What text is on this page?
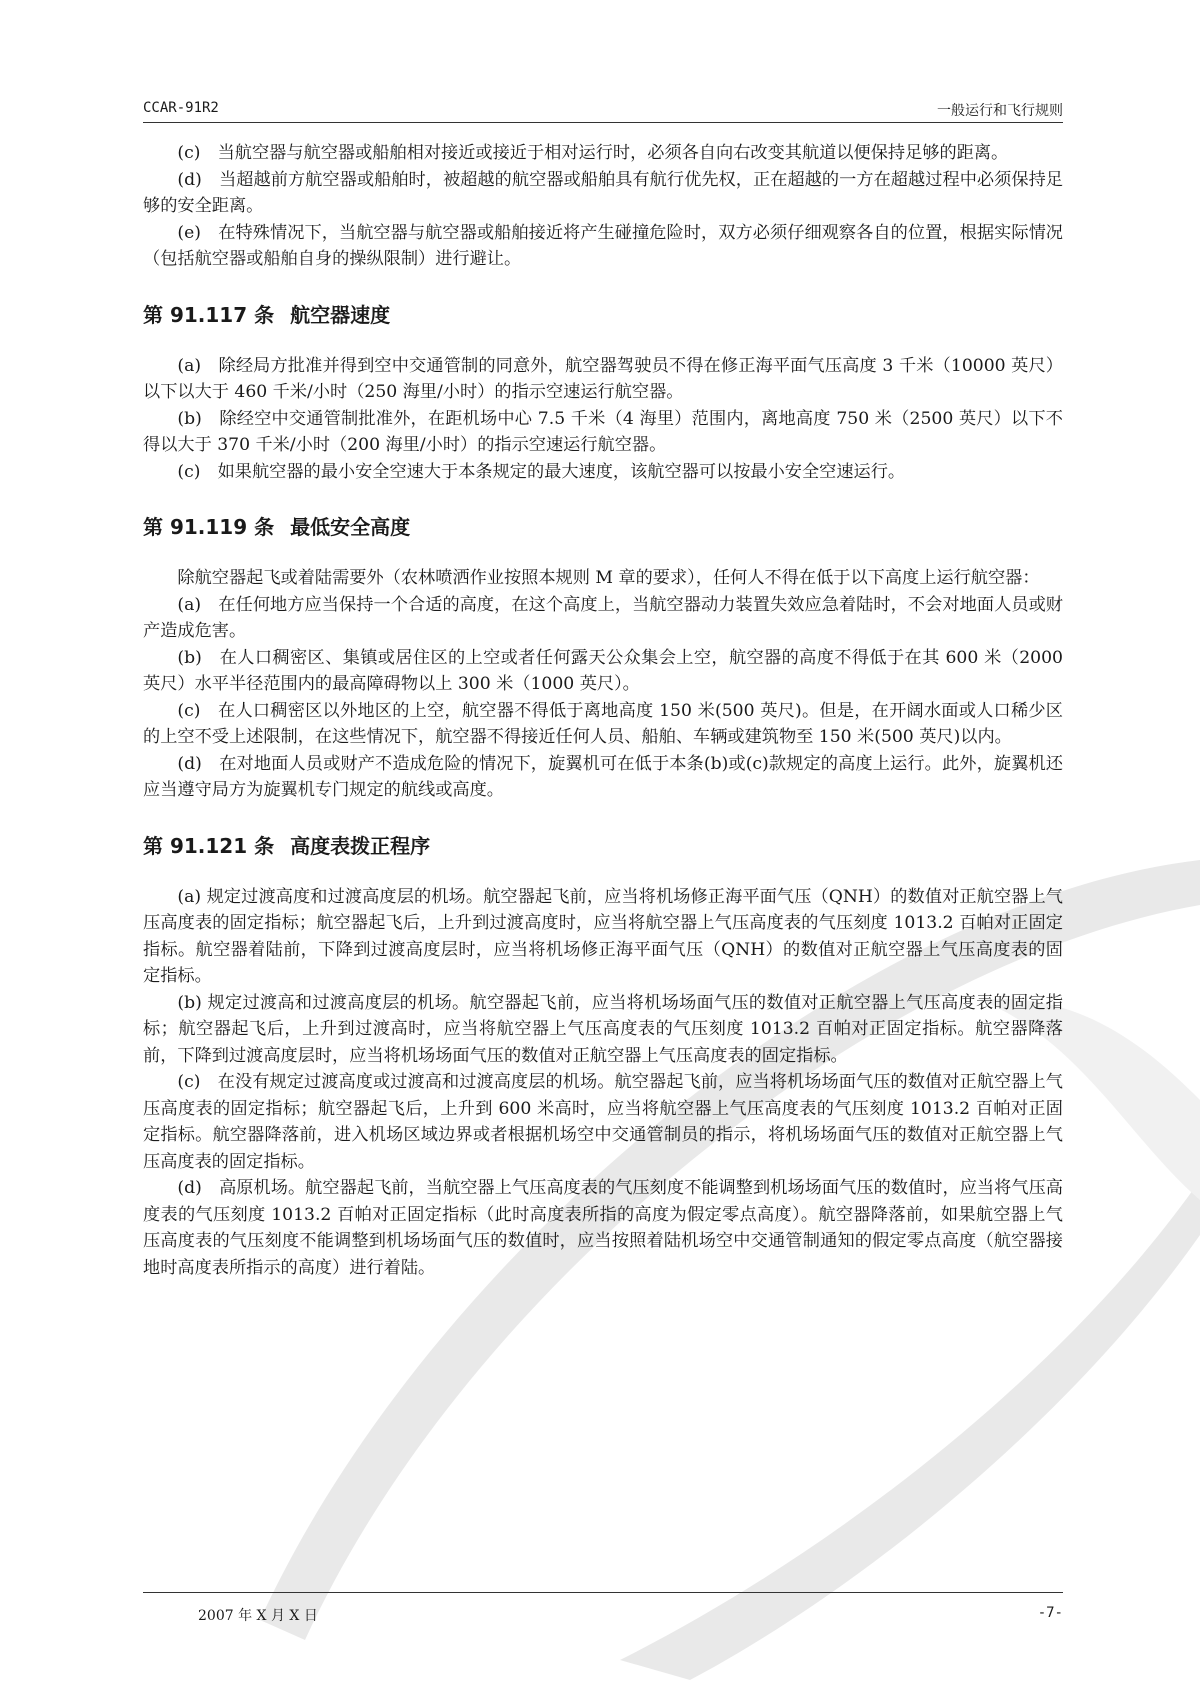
CCAR-91R2	一般运行和飞行规则

(c)　当航空器与航空器或船舶相对接近或接近于相对运行时，必须各自向右改变其航道以便保持足够的距离。

(d)　当超越前方航空器或船舶时，被超越的航空器或船舶具有航行优先权，正在超越的一方在超越过程中必须保持足够的安全距离。

(e)　在特殊情况下，当航空器与航空器或船舶接近将产生碰撞危险时，双方必须仔细观察各自的位置，根据实际情况（包括航空器或船舶自身的操纵限制）进行避让。

第 91.117 条 航空器速度

(a)　除经局方批准并得到空中交通管制的同意外，航空器驾驶员不得在修正海平面气压高度 3 千米（10000 英尺）以下以大于 460 千米/小时（250 海里/小时）的指示空速运行航空器。

(b)　除经空中交通管制批准外，在距机场中心 7.5 千米（4 海里）范围内，离地高度 750 米（2500 英尺）以下不得以大于 370 千米/小时（200 海里/小时）的指示空速运行航空器。

(c)　如果航空器的最小安全空速大于本条规定的最大速度，该航空器可以按最小安全空速运行。

第 91.119 条 最低安全高度

除航空器起飞或着陆需要外（农林喷洒作业按照本规则 M 章的要求），任何人不得在低于以下高度上运行航空器：

(a)　在任何地方应当保持一个合适的高度，在这个高度上，当航空器动力装置失效应急着陆时，不会对地面人员或财产造成危害。

(b)　在人口稠密区、集镇或居住区的上空或者任何露天公众集会上空，航空器的高度不得低于在其 600 米（2000 英尺）水平半径范围内的最高障碍物以上 300 米（1000 英尺）。

(c)　在人口稠密区以外地区的上空，航空器不得低于离地高度 150 米(500 英尺)。但是，在开阔水面或人口稀少区的上空不受上述限制，在这些情况下，航空器不得接近任何人员、船舶、车辆或建筑物至 150 米(500 英尺)以内。

(d)　在对地面人员或财产不造成危险的情况下，旋翼机可在低于本条(b)或(c)款规定的高度上运行。此外，旋翼机还应当遵守局方为旋翼机专门规定的航线或高度。

第 91.121 条 高度表拨正程序

(a) 规定过渡高度和过渡高度层的机场。航空器起飞前，应当将机场修正海平面气压（QNH）的数值对正航空器上气压高度表的固定指标；航空器起飞后，上升到过渡高度时，应当将航空器上气压高度表的气压刻度 1013.2 百帕对正固定指标。航空器着陆前，下降到过渡高度层时，应当将机场修正海平面气压（QNH）的数值对正航空器上气压高度表的固定指标。

(b) 规定过渡高和过渡高度层的机场。航空器起飞前，应当将机场场面气压的数值对正航空器上气压高度表的固定指标；航空器起飞后，上升到过渡高时，应当将航空器上气压高度表的气压刻度 1013.2 百帕对正固定指标。航空器降落前，下降到过渡高度层时，应当将机场场面气压的数值对正航空器上气压高度表的固定指标。

(c)　在没有规定过渡高度或过渡高和过渡高度层的机场。航空器起飞前，应当将机场场面气压的数值对正航空器上气压高度表的固定指标；航空器起飞后，上升到 600 米高时，应当将航空器上气压高度表的气压刻度 1013.2 百帕对正固定指标。航空器降落前，进入机场区域边界或者根据机场空中交通管制员的指示，将机场场面气压的数值对正航空器上气压高度表的固定指标。

(d)　高原机场。航空器起飞前，当航空器上气压高度表的气压刻度不能调整到机场场面气压的数值时，应当将气压高度表的气压刻度 1013.2 百帕对正固定指标（此时高度表所指的高度为假定零点高度）。航空器降落前，如果航空器上气压高度表的气压刻度不能调整到机场场面气压的数值时，应当按照着陆机场空中交通管制通知的假定零点高度（航空器接地时高度表所指示的高度）进行着陆。

2007 年 X 月 X 日	-7-
